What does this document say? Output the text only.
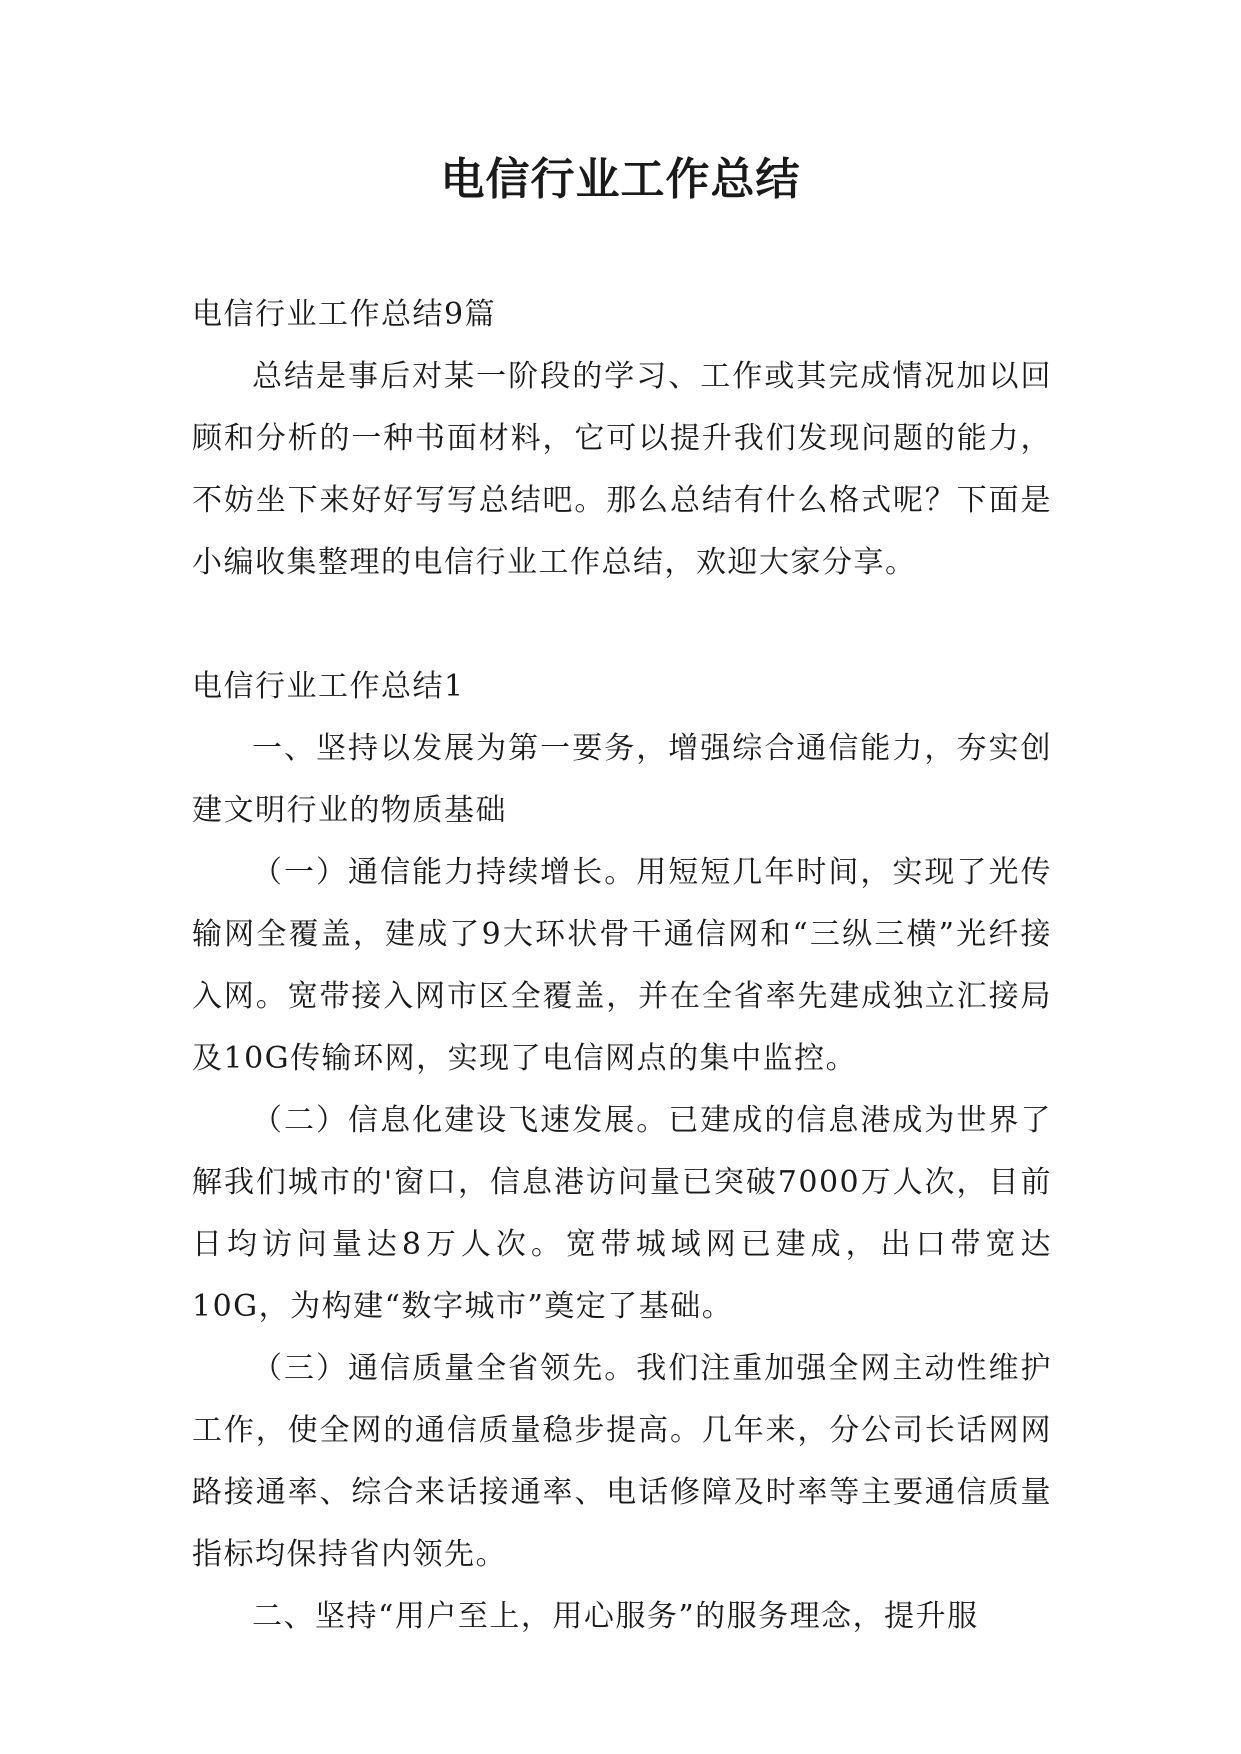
电信行业工作总结

电信行业工作总结9篇

总结是事后对某一阶段的学习、工作或其完成情况加以回顾和分析的一种书面材料，它可以提升我们发现问题的能力，不妨坐下来好好写写总结吧。那么总结有什么格式呢？下面是小编收集整理的电信行业工作总结，欢迎大家分享。

电信行业工作总结1

一、坚持以发展为第一要务，增强综合通信能力，夯实创建文明行业的物质基础

（一）通信能力持续增长。用短短几年时间，实现了光传输网全覆盖，建成了9大环状骨干通信网和“三纵三横”光纤接入网。宽带接入网市区全覆盖，并在全省率先建成独立汇接局及10G传输环网，实现了电信网点的集中监控。

（二）信息化建设飞速发展。已建成的信息港成为世界了解我们城市的'窗口，信息港访问量已突破7000万人次，目前日均访问量达8万人次。宽带城域网已建成，出口带宽达10G，为构建“数字城市”奠定了基础。

（三）通信质量全省领先。我们注重加强全网主动性维护工作，使全网的通信质量稳步提高。几年来，分公司长话网网路接通率、综合来话接通率、电话修障及时率等主要通信质量指标均保持省内领先。

二、坚持“用户至上，用心服务”的服务理念，提升服
